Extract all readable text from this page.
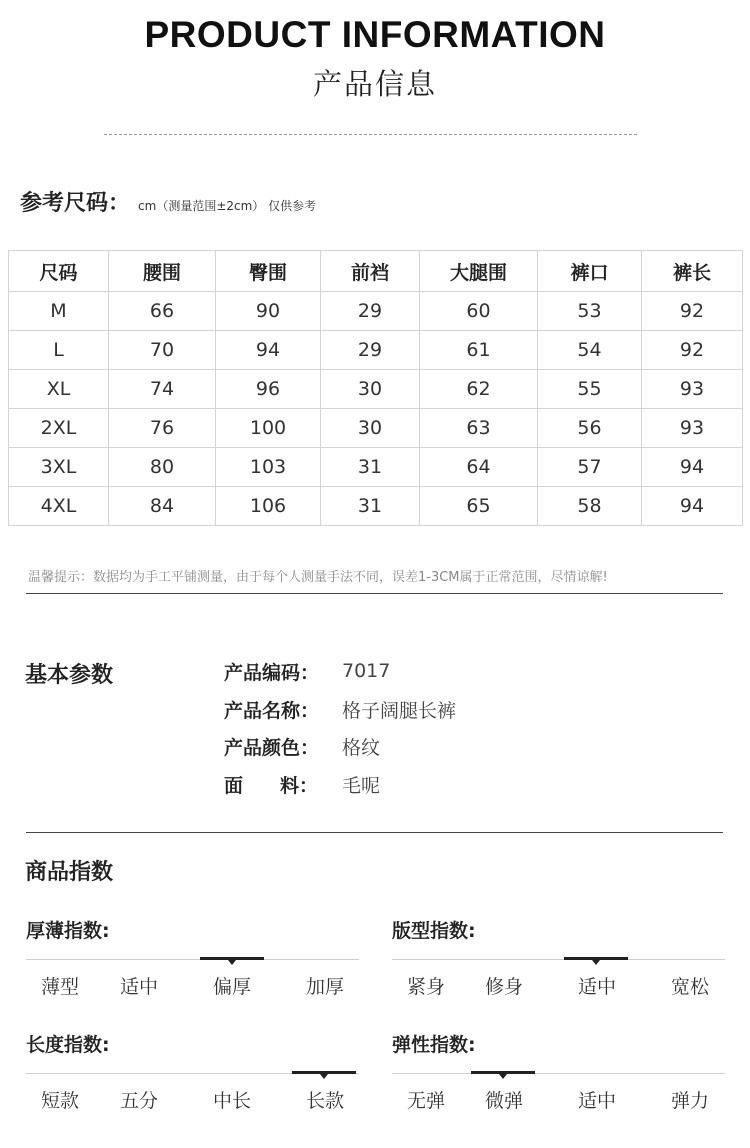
PRODUCT INFORMATION
产品信息
参考尺码 ： cm（测量范围±2cm） 仅供参考
尺码	腰围	臀围	前裆	大腿围	裤口	裤长
M	66	90	29	60	53	92
L	70	94	29	61	54	92
XL	74	96	30	62	55	93
2XL	76	100	30	63	56	93
3XL	80	103	31	64	57	94
4XL	84	106	31	65	58	94
温馨提示：数据均为手工平铺测量，由于每个人测量手法不同，误差1-3CM属于正常范围，尽情谅解!
基本参数	产品编码：	7017
产品名称：	格子阔腿长裤
产品颜色：	格纹
面 料： 毛呢
商品指数
厚薄指数:
薄型 适中	偏厚	加厚
版型指数:
紧身 修身	适中	宽松
长度指数:
短款 五分	中长	长款
弹性指数:
无弹 微弹	适中	弹力
